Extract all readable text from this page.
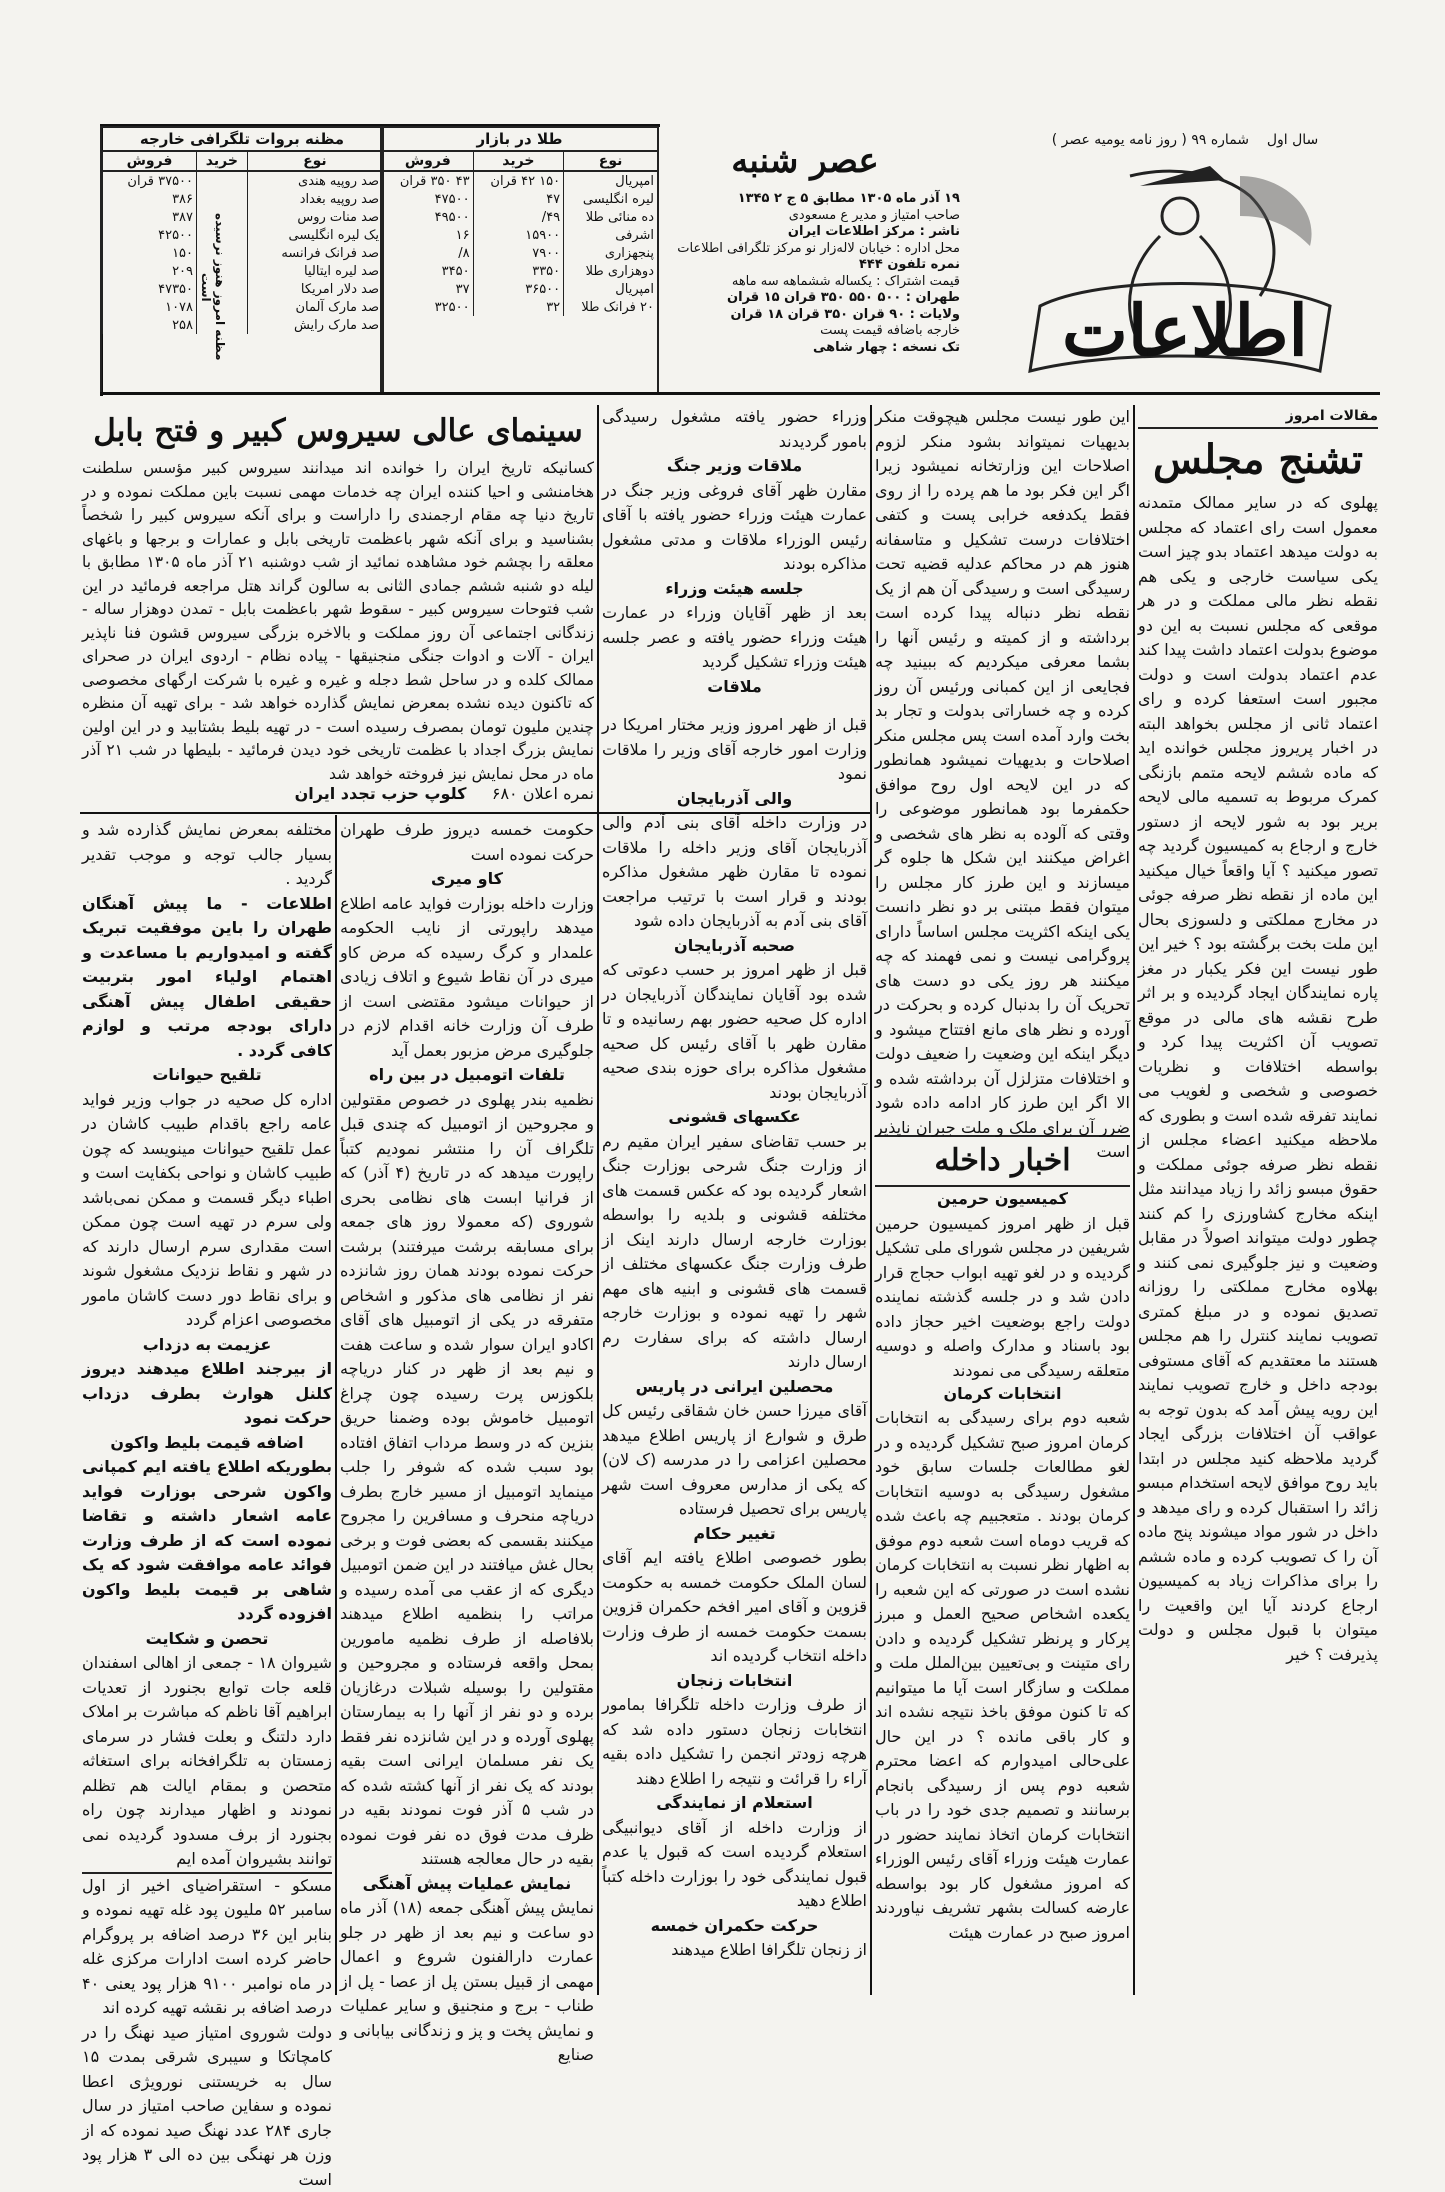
سال اول    شماره ۹۹ ( روز نامه یومیه عصر )
اطلاعات
عصر شنبه
۱۹ آذر ماه ۱۳۰۵ مطابق ۵ ج ۲ ۱۳۴۵
صاحب امتیاز و مدیر ع مسعودی
ناشر : مرکز اطلاعات ایران
محل اداره : خیابان لاله‌زار نو مرکز تلگرافی اطلاعات
نمره تلفون ۴۴۴
قیمت اشتراک : یکساله ششماهه سه ماهه
طهران : ۵۰۰ ۵۵۰ ۳۵۰ قران ۱۵ قران
ولایات : ۹۰ قران ۳۵۰ قران ۱۸ قران
خارجه باضافه قیمت پست
تک نسخه : چهار شاهی
طلا در بازار
نوع	خرید	فروش
امپریال	۱۵۰ ۴۲ قران	۴۳ ۳۵۰ قران
لیره انگلیسی	۴۷	۴۷۵۰۰
ده منائی طلا	۴۹/	۴۹۵۰۰
اشرفی	۱۵۹۰۰	۱۶
پنجهزاری	۷۹۰۰	۸/
دوهزاری طلا	۳۳۵۰	۳۴۵۰
امپریال	۳۶۵۰۰	۳۷
۲۰ فرانک طلا	۳۲	۳۲۵۰۰
مظنه بروات تلگرافی خارجه
نوع	خرید	فروش
صد روپیه هندی		۳۷۵۰۰ قران
صد روپیه بغداد		۳۸۶
صد منات روس		۳۸۷
یک لیره انگلیسی		۴۲۵۰۰
صد فرانک فرانسه		۱۵۰
صد لیره ایتالیا		۲۰۹
صد دلار امریکا		۴۷۳۵۰
صد مارک آلمان		۱۰۷۸
صد مارک رایش		۲۵۸	مظنه امروز هنوز نرسیده است
مقالات امروز
تشنج مجلس
پهلوی که در سایر ممالک متمدنه معمول است رای اعتماد که مجلس به دولت میدهد اعتماد بدو چیز است یکی سیاست خارجی و یکی هم نقطه نظر مالی مملکت و در هر موقعی که مجلس نسبت به این دو موضوع بدولت اعتماد داشت پیدا کند عدم اعتماد بدولت است و دولت مجبور است استعفا کرده و رای اعتماد ثانی از مجلس بخواهد البته در اخبار پریروز مجلس خوانده اید که ماده ششم لایحه متمم بازنگی کمرک مربوط به تسمیه مالی لایحه بریر بود به شور لایحه از دستور خارج و ارجاع به کمیسیون گردید چه تصور میکنید ؟ آیا واقعاً خیال میکنید این ماده از نقطه نظر صرفه جوئی در مخارج مملکتی و دلسوزی بحال این ملت بخت برگشته بود ؟ خیر این طور نیست این فکر یکبار در مغز پاره نمایندگان ایجاد گردیده و بر اثر طرح نقشه های مالی در موقع تصویب آن اکثریت پیدا کرد و بواسطه اختلافات و نظریات خصوصی و شخصی و لغویب می نمایند تفرقه شده است و بطوری که ملاحظه میکنید اعضاء مجلس از نقطه نظر صرفه جوئی مملکت و حقوق مبسو زائد را زیاد میدانند مثل اینکه مخارج کشاورزی را کم کنند چطور دولت میتواند اصولاً در مقابل وضعیت و نیز جلوگیری نمی کنند و بهلاوه مخارج مملکتی را روزانه تصدیق نموده و در مبلغ کمتری تصویب نمایند کنترل را هم مجلس هستند ما معتقدیم که آقای مستوفی بودجه داخل و خارج تصویب نمایند این رویه پیش آمد که بدون توجه به عواقب آن اختلافات بزرگی ایجاد گردید ملاحظه کنید مجلس در ابتدا باید روح موافق لایحه استخدام مبسو زائد را استقبال کرده و رای میدهد و داخل در شور مواد میشوند پنج ماده آن را ک تصویب کرده و ماده ششم را برای مذاکرات زیاد به کمیسیون ارجاع کردند آیا این واقعیت را میتوان با قبول مجلس و دولت پذیرفت ؟ خیر
این طور نیست مجلس هیچوقت منکر بدیهیات نمیتواند بشود منکر لزوم اصلاحات این وزارتخانه نمیشود زیرا اگر این فکر بود ما هم پرده را از روی فقط یکدفعه خرابی پست و کتفی اختلافات درست تشکیل و متاسفانه هنوز هم در محاکم عدلیه قضیه تحت رسیدگی است و رسیدگی آن هم از یک نقطه نظر دنباله پیدا کرده است برداشته و از کمیته و رئیس آنها را بشما معرفی میکردیم که ببینید چه فجایعی از این کمبانی ورئیس آن روز کرده و چه خساراتی بدولت و تجار بد بخت وارد آمده است پس مجلس منکر اصلاحات و بدیهیات نمیشود همانطور که در این لایحه اول روح موافق حکمفرما بود همانطور موضوعی را وقتی که آلوده به نظر های شخصی و اغراض میکنند این شکل ها جلوه گر میسازند و این طرز کار مجلس را میتوان فقط مبتنی بر دو نظر دانست یکی اینکه اکثریت مجلس اساساً دارای پروگرامی نیست و نمی فهمند که چه میکنند هر روز یکی دو دست های تحریک آن را بدنبال کرده و بحرکت در آورده و نظر های مانع افتتاح میشود و دیگر اینکه این وضعیت را ضعیف دولت و اختلافات متزلزل آن برداشته شده و الا اگر این طرز کار ادامه داده شود ضرر آن برای ملک و ملت جبران ناپذیر است
اخبار داخله
کمیسیون حرمین
قبل از ظهر امروز کمیسیون حرمین شریفین در مجلس شورای ملی تشکیل گردیده و در لغو تهیه ابواب حجاج قرار دادن شد و در جلسه گذشته نماینده دولت راجع بوضعیت اخیر حجاز داده بود باسناد و مدارک واصله و دوسیه متعلقه رسیدگی می نمودند
انتخابات کرمان
شعبه دوم برای رسیدگی به انتخابات کرمان امروز صبح تشکیل گردیده و در لغو مطالعات جلسات سابق خود مشغول رسیدگی به دوسیه انتخابات کرمان بودند . متعجبیم چه باعث شده که قریب دوماه است شعبه دوم موفق به اظهار نظر نسبت به انتخابات کرمان نشده است در صورتی که این شعبه را یکعده اشخاص صحیح العمل و مبرز پرکار و پرنظر تشکیل گردیده و دادن رای متینت و بی‌تعیین بین‌الملل ملت و مملکت و سازگار است آیا ما میتوانیم که تا کنون موفق باخذ نتیجه نشده اند و کار باقی مانده ؟ در این حال علی‌حالی امیدوارم که اعضا محترم شعبه دوم پس از رسیدگی بانجام برسانند و تصمیم جدی خود را در باب انتخابات کرمان اتخاذ نمایند حضور در عمارت هیئت وزراء آقای رئیس الوزراء که امروز مشغول کار بود بواسطه عارضه کسالت بشهر تشریف نیاوردند امروز صبح در عمارت هیئت
وزراء حضور یافته مشغول رسیدگی بامور گردیدند
ملاقات وزیر جنگ
مقارن ظهر آقای فروغی وزیر جنگ در عمارت هیئت وزراء حضور یافته با آقای رئیس الوزراء ملاقات و مدتی مشغول مذاکره بودند
جلسه هیئت وزراء
بعد از ظهر آقایان وزراء در عمارت هیئت وزراء حضور یافته و عصر جلسه هیئت وزراء تشکیل گردید
ملاقات
قبل از ظهر امروز وزیر مختار امریکا در وزارت امور خارجه آقای وزیر را ملاقات نمود
والی آذربایجان
در وزارت داخله آقای بنی آدم والی آذربایجان آقای وزیر داخله را ملاقات نموده تا مقارن ظهر مشغول مذاکره بودند و قرار است با ترتیب مراجعت آقای بنی آدم به آذربایجان داده شود
صحبه آذربایجان
قبل از ظهر امروز بر حسب دعوتی که شده بود آقایان نمایندگان آذربایجان در اداره کل صحیه حضور بهم رسانیده و تا مقارن ظهر با آقای رئیس کل صحیه مشغول مذاکره برای حوزه بندی صحیه آذربایجان بودند
عکسهای قشونی
بر حسب تقاضای سفیر ایران مقیم رم از وزارت جنگ شرحی بوزارت جنگ اشعار گردیده بود که عکس قسمت های مختلفه قشونی و بلدیه را بواسطه بوزارت خارجه ارسال دارند اینک از طرف وزارت جنگ عکسهای مختلف از قسمت های قشونی و ابنیه های مهم شهر را تهیه نموده و بوزارت خارجه ارسال داشته که برای سفارت رم ارسال دارند
محصلین ایرانی در پاریس
آقای میرزا حسن خان شقاقی رئیس کل طرق و شوارع از پاریس اطلاع میدهد محصلین اعزامی را در مدرسه (ک لان) که یکی از مدارس معروف است شهر پاریس برای تحصیل فرستاده
تغییر حکام
بطور خصوصی اطلاع یافته ایم آقای لسان الملک حکومت خمسه به حکومت قزوین و آقای امیر افخم حکمران قزوین بسمت حکومت خمسه از طرف وزارت داخله انتخاب گردیده اند
انتخابات زنجان
از طرف وزارت داخله تلگرافا بمامور انتخابات زنجان دستور داده شد که هرچه زودتر انجمن را تشکیل داده بقیه آراء را قرائت و نتیجه را اطلاع دهند
استعلام از نمایندگی
از وزارت داخله از آقای دیوانبیگی استعلام گردیده است که قبول یا عدم قبول نمایندگی خود را بوزارت داخله کتباً اطلاع دهید
حرکت حکمران خمسه
از زنجان تلگرافا اطلاع میدهند
سینمای عالی سیروس کبیر و فتح بابل
کسانیکه تاریخ ایران را خوانده اند میدانند سیروس کبیر مؤسس سلطنت هخامنشی و احیا کننده ایران چه خدمات مهمی نسبت باین مملکت نموده و در تاریخ دنیا چه مقام ارجمندی را داراست و برای آنکه سیروس کبیر را شخصاً بشناسید و برای آنکه شهر باعظمت تاریخی بابل و عمارات و برجها و باغهای معلقه را بچشم خود مشاهده نمائید از شب دوشنبه ۲۱ آذر ماه ۱۳۰۵ مطابق با لیله دو شنبه ششم جمادی الثانی به سالون گراند هتل مراجعه فرمائید در این شب فتوحات سیروس کبیر - سقوط شهر باعظمت بابل - تمدن دوهزار ساله - زندگانی اجتماعی آن روز مملکت و بالاخره بزرگی سیروس قشون فنا ناپذیر ایران - آلات و ادوات جنگی منجنیقها - پیاده نظام - اردوی ایران در صحرای ممالک کلده و در ساحل شط دجله و غیره و غیره با شرکت ارگهای مخصوصی که تاکنون دیده نشده بمعرض نمایش گذارده خواهد شد - برای تهیه آن منظره چندین ملیون تومان بمصرف رسیده است - در تهیه بلیط بشتابید و در این اولین نمایش بزرگ اجداد با عظمت تاریخی خود دیدن فرمائید - بلیطها در شب ۲۱ آذر ماه در محل نمایش نیز فروخته خواهد شد
نمره اعلان ۶۸۰     کلوپ حزب تجدد ایران
حکومت خمسه دیروز طرف طهران حرکت نموده است
کاو میری
وزارت داخله بوزارت فواید عامه اطلاع میدهد راپورتی از نایب الحکومه علمدار و کرگ رسیده که مرض کاو میری در آن نقاط شیوع و اتلاف زیادی از حیوانات میشود مقتضی است از طرف آن وزارت خانه اقدام لازم در جلوگیری مرض مزبور بعمل آید
تلفات اتومبیل در بین راه
نظمیه بندر پهلوی در خصوص مقتولین و مجروحین از اتومبیل که چندی قبل تلگراف آن را منتشر نمودیم کتباً راپورت میدهد که در تاریخ (۴ آذر) که از فرانیا ابست های نظامی بحری شوروی (که معمولا روز های جمعه برای مسابقه برشت میرفتند) برشت حرکت نموده بودند همان روز شانزده نفر از نظامی های مذکور و اشخاص متفرقه در یکی از اتومبیل های آقای اکادو ایران سوار شده و ساعت هفت و نیم بعد از ظهر در کنار دریاچه بلکوزس پرت رسیده چون چراغ اتومبیل خاموش بوده وضمنا حریق بنزین که در وسط مرداب اتفاق افتاده بود سبب شده که شوفر را جلب مینماید اتومبیل از مسیر خارج بطرف دریاچه منحرف و مسافرین را مجروح میکنند بقسمی که بعضی فوت و برخی بحال غش میافتند در این ضمن اتومبیل دیگری که از عقب می آمده رسیده و مراتب را بنظمیه اطلاع میدهند بلافاصله از طرف نظمیه مامورین بمحل واقعه فرستاده و مجروحین و مقتولین را بوسیله شبلات درغازیان برده و دو نفر از آنها را به بیمارستان پهلوی آورده و در این شانزده نفر فقط یک نفر مسلمان ایرانی است بقیه بودند که یک نفر از آنها کشته شده که در شب ۵ آذر فوت نمودند بقیه در ظرف مدت فوق ده نفر فوت نموده بقیه در حال معالجه هستند
نمایش عملیات پیش آهنگی
نمایش پیش آهنگی جمعه (۱۸) آذر ماه دو ساعت و نیم بعد از ظهر در جلو عمارت دارالفنون شروع و اعمال مهمی از قبیل بستن پل از عصا - پل از طناب - برج و منجنیق و سایر عملیات و نمایش پخت و پز و زندگانی بیابانی و صنایع
مختلفه بمعرض نمایش گذارده شد و بسیار جالب توجه و موجب تقدیر گردید .
اطلاعات - ما پیش آهنگان طهران را باین موفقیت تبریک گفته و امیدواریم با مساعدت و اهتمام اولیاء امور بتربیت حقیقی اطفال پیش آهنگی دارای بودجه مرتب و لوازم کافی گردد .
تلقیح حیوانات
اداره کل صحیه در جواب وزیر فواید عامه راجع باقدام طبیب کاشان در عمل تلقیح حیوانات مینویسد که چون طبیب کاشان و نواحی بکفایت است و اطباء دیگر قسمت و ممکن نمی‌باشد ولی سرم در تهیه است چون ممکن است مقداری سرم ارسال دارند که در شهر و نقاط نزدیک مشغول شوند و برای نقاط دور دست کاشان مامور مخصوصی اعزام گردد
عزیمت به دزداب
از بیرجند اطلاع میدهند دیروز کلنل هوارث بطرف دزداب حرکت نمود
اضافه قیمت بلیط واکون
بطوریکه اطلاع یافته ایم کمپانی واکون شرحی بوزارت فواید عامه اشعار داشته و تقاضا نموده است که از طرف وزارت فوائد عامه موافقت شود که یک شاهی بر قیمت بلیط واکون افزوده گردد
تحصن و شکایت
شیروان ۱۸ - جمعی از اهالی اسفندان قلعه جات توابع بجنورد از تعدیات ابراهیم آقا ناظم که مباشرت بر املاک دارد دلتنگ و بعلت فشار در سرمای زمستان به تلگرافخانه برای استغاثه متحصن و بمقام ایالت هم تظلم نمودند و اظهار میدارند چون راه بجنورد از برف مسدود گردیده نمی توانند بشیروان آمده ایم
مسکو - استقراضیای اخیر از اول سامبر ۵۲ ملیون پود غله تهیه نموده و بنابر این ۳۶ درصد اضافه بر پروگرام حاضر کرده است ادارات مرکزی غله در ماه نوامبر ۹۱۰۰ هزار پود یعنی ۴۰ درصد اضافه بر نقشه تهیه کرده اند
دولت شوروی امتیاز صید نهنگ را در کامچاتکا و سیبری شرقی بمدت ۱۵ سال به خریستنی نورویژی اعطا نموده و سفاین صاحب امتیاز در سال جاری ۲۸۴ عدد نهنگ صید نموده که از وزن هر نهنگی بین ده الی ۳ هزار پود است
